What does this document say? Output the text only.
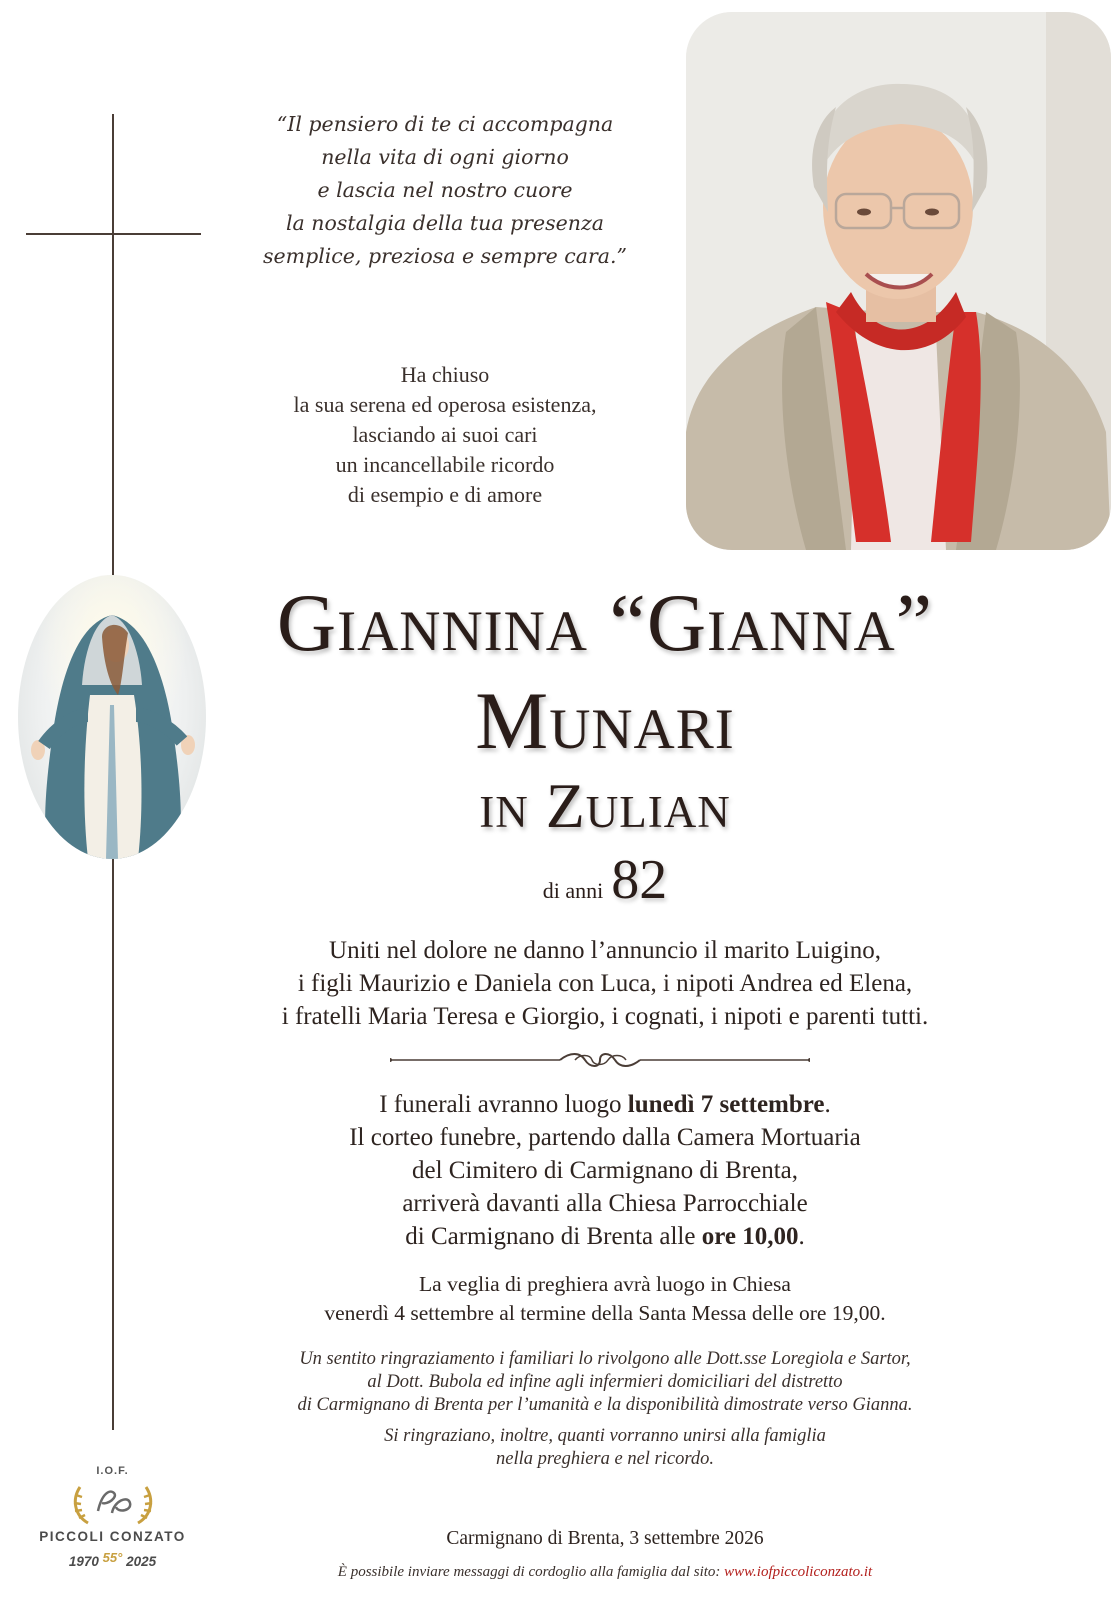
“Il pensiero di te ci accompagna
nella vita di ogni giorno
e lascia nel nostro cuore
la nostalgia della tua presenza
semplice, preziosa e sempre cara.”
Ha chiuso
la sua serena ed operosa esistenza,
lasciando ai suoi cari
un incancellabile ricordo
di esempio e di amore
Giannina “Gianna”
Munari
in Zulian
di anni 82
Uniti nel dolore ne danno l’annuncio il marito Luigino,
i figli Maurizio e Daniela con Luca, i nipoti Andrea ed Elena,
i fratelli Maria Teresa e Giorgio, i cognati, i nipoti e parenti tutti.
I funerali avranno luogo lunedì 7 settembre.
Il corteo funebre, partendo dalla Camera Mortuaria
del Cimitero di Carmignano di Brenta,
arriverà davanti alla Chiesa Parrocchiale
di Carmignano di Brenta alle ore 10,00.
La veglia di preghiera avrà luogo in Chiesa
venerdì 4 settembre al termine della Santa Messa delle ore 19,00.
Un sentito ringraziamento i familiari lo rivolgono alle Dott.sse Loregiola e Sartor,
al Dott. Bubola ed infine agli infermieri domiciliari del distretto
di Carmignano di Brenta per l’umanità e la disponibilità dimostrate verso Gianna.
Si ringraziano, inoltre, quanti vorranno unirsi alla famiglia
nella preghiera e nel ricordo.
Carmignano di Brenta, 3 settembre 2026
È possibile inviare messaggi di cordoglio alla famiglia dal sito: www.iofpiccoliconzato.it
I.O.F.
PICCOLI CONZATO
1970 55° 2025
